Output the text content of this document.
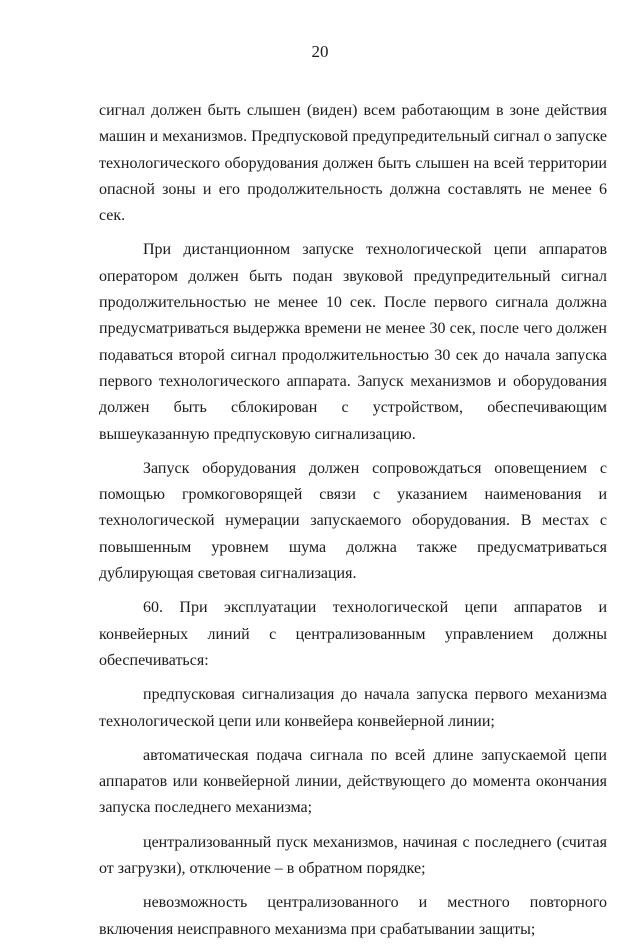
20

сигнал должен быть слышен (виден) всем работающим в зоне действия машин и механизмов. Предпусковой предупредительный сигнал о запуске технологического оборудования должен быть слышен на всей территории опасной зоны и его продолжительность должна составлять не менее 6 сек.

При дистанционном запуске технологической цепи аппаратов оператором должен быть подан звуковой предупредительный сигнал продолжительностью не менее 10 сек. После первого сигнала должна предусматриваться выдержка времени не менее 30 сек, после чего должен подаваться второй сигнал продолжительностью 30 сек до начала запуска первого технологического аппарата. Запуск механизмов и оборудования должен быть сблокирован с устройством, обеспечивающим вышеуказанную предпусковую сигнализацию.

Запуск оборудования должен сопровождаться оповещением с помощью громкоговорящей связи с указанием наименования и технологической нумерации запускаемого оборудования. В местах с повышенным уровнем шума должна также предусматриваться дублирующая световая сигнализация.

60. При эксплуатации технологической цепи аппаратов и конвейерных линий с централизованным управлением должны обеспечиваться:

предпусковая сигнализация до начала запуска первого механизма технологической цепи или конвейера конвейерной линии;

автоматическая подача сигнала по всей длине запускаемой цепи аппаратов или конвейерной линии, действующего до момента окончания запуска последнего механизма;

централизованный пуск механизмов, начиная с последнего (считая от загрузки), отключение – в обратном порядке;

невозможность централизованного и местного повторного включения неисправного механизма при срабатывании защиты;
